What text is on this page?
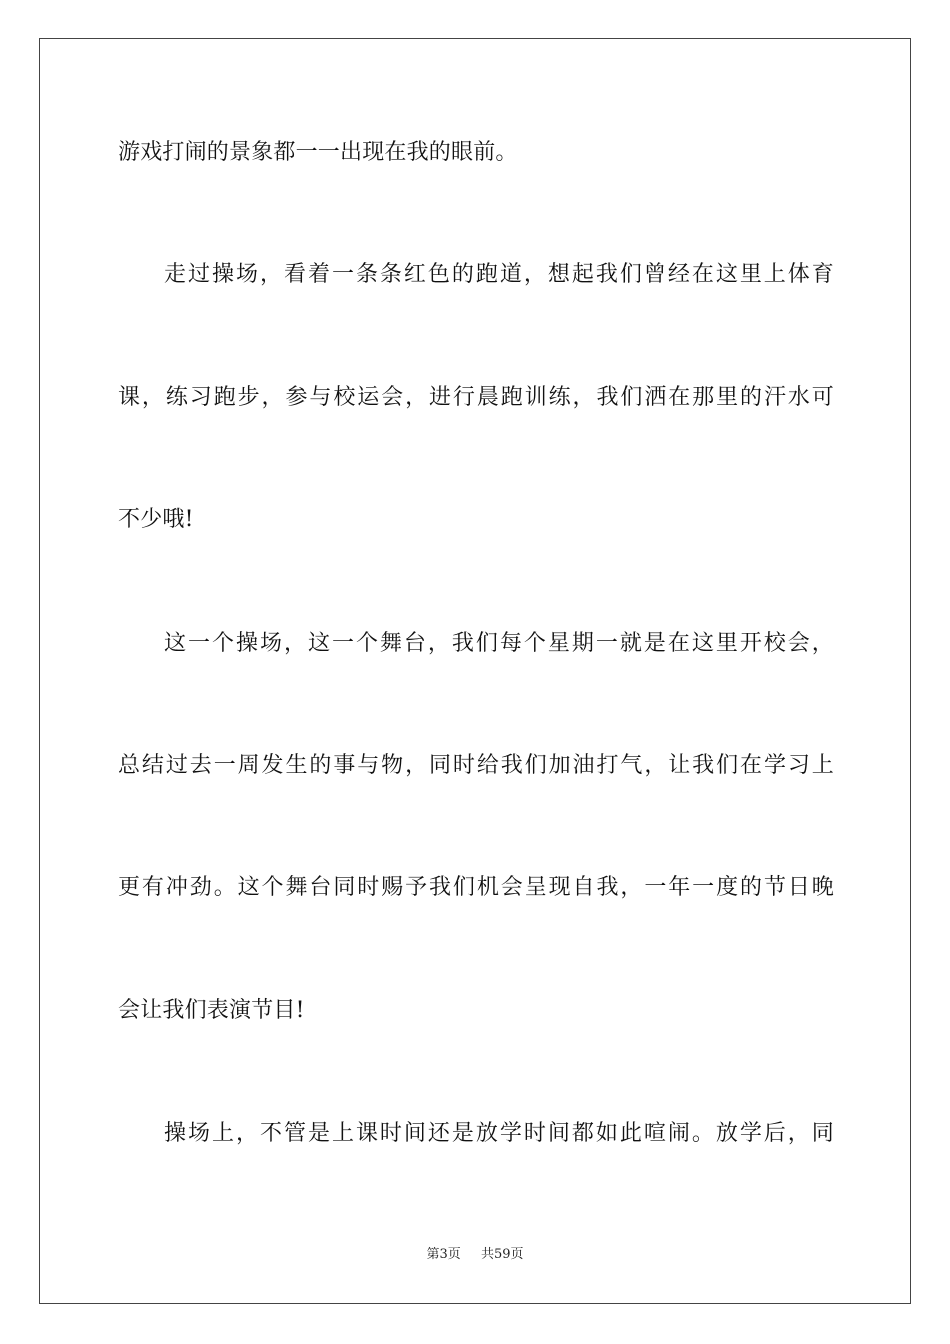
游戏打闹的景象都一一出现在我的眼前。
走过操场，看着一条条红色的跑道，想起我们曾经在这里上体育
课，练习跑步，参与校运会，进行晨跑训练，我们洒在那里的汗水可
不少哦!
这一个操场，这一个舞台，我们每个星期一就是在这里开校会，
总结过去一周发生的事与物，同时给我们加油打气，让我们在学习上
更有冲劲。这个舞台同时赐予我们机会呈现自我，一年一度的节日晚
会让我们表演节目!
操场上，不管是上课时间还是放学时间都如此喧闹。放学后，同
第3页 共59页
